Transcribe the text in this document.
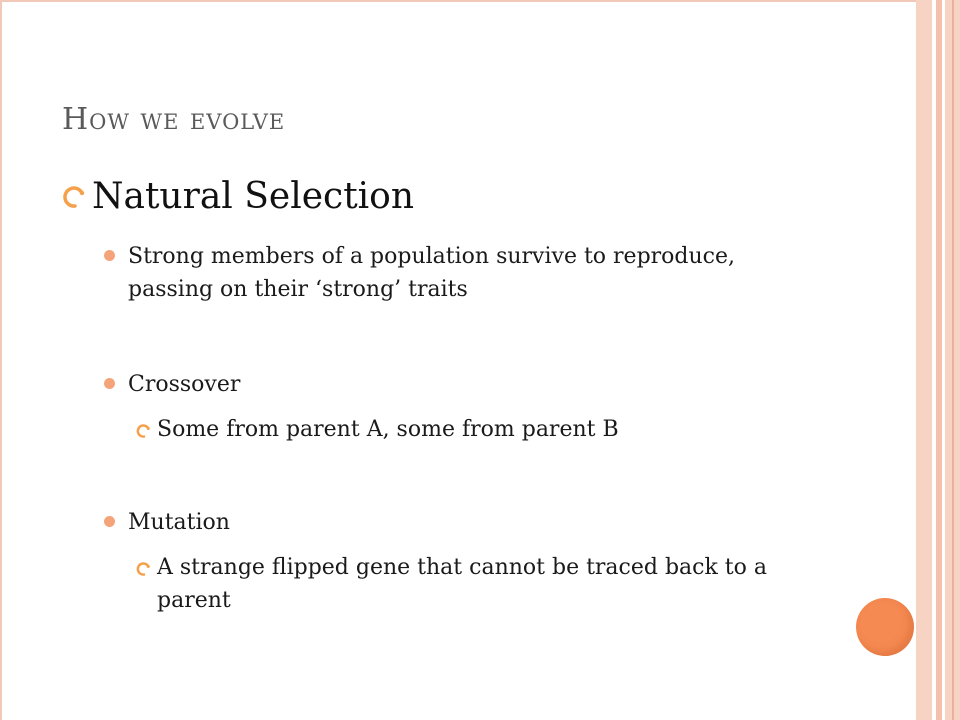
How we evolve
Natural Selection
Strong members of a population survive to reproduce, passing on their ‘strong’ traits
Crossover
Some from parent A, some from parent B
Mutation
A strange flipped gene that cannot be traced back to a parent
